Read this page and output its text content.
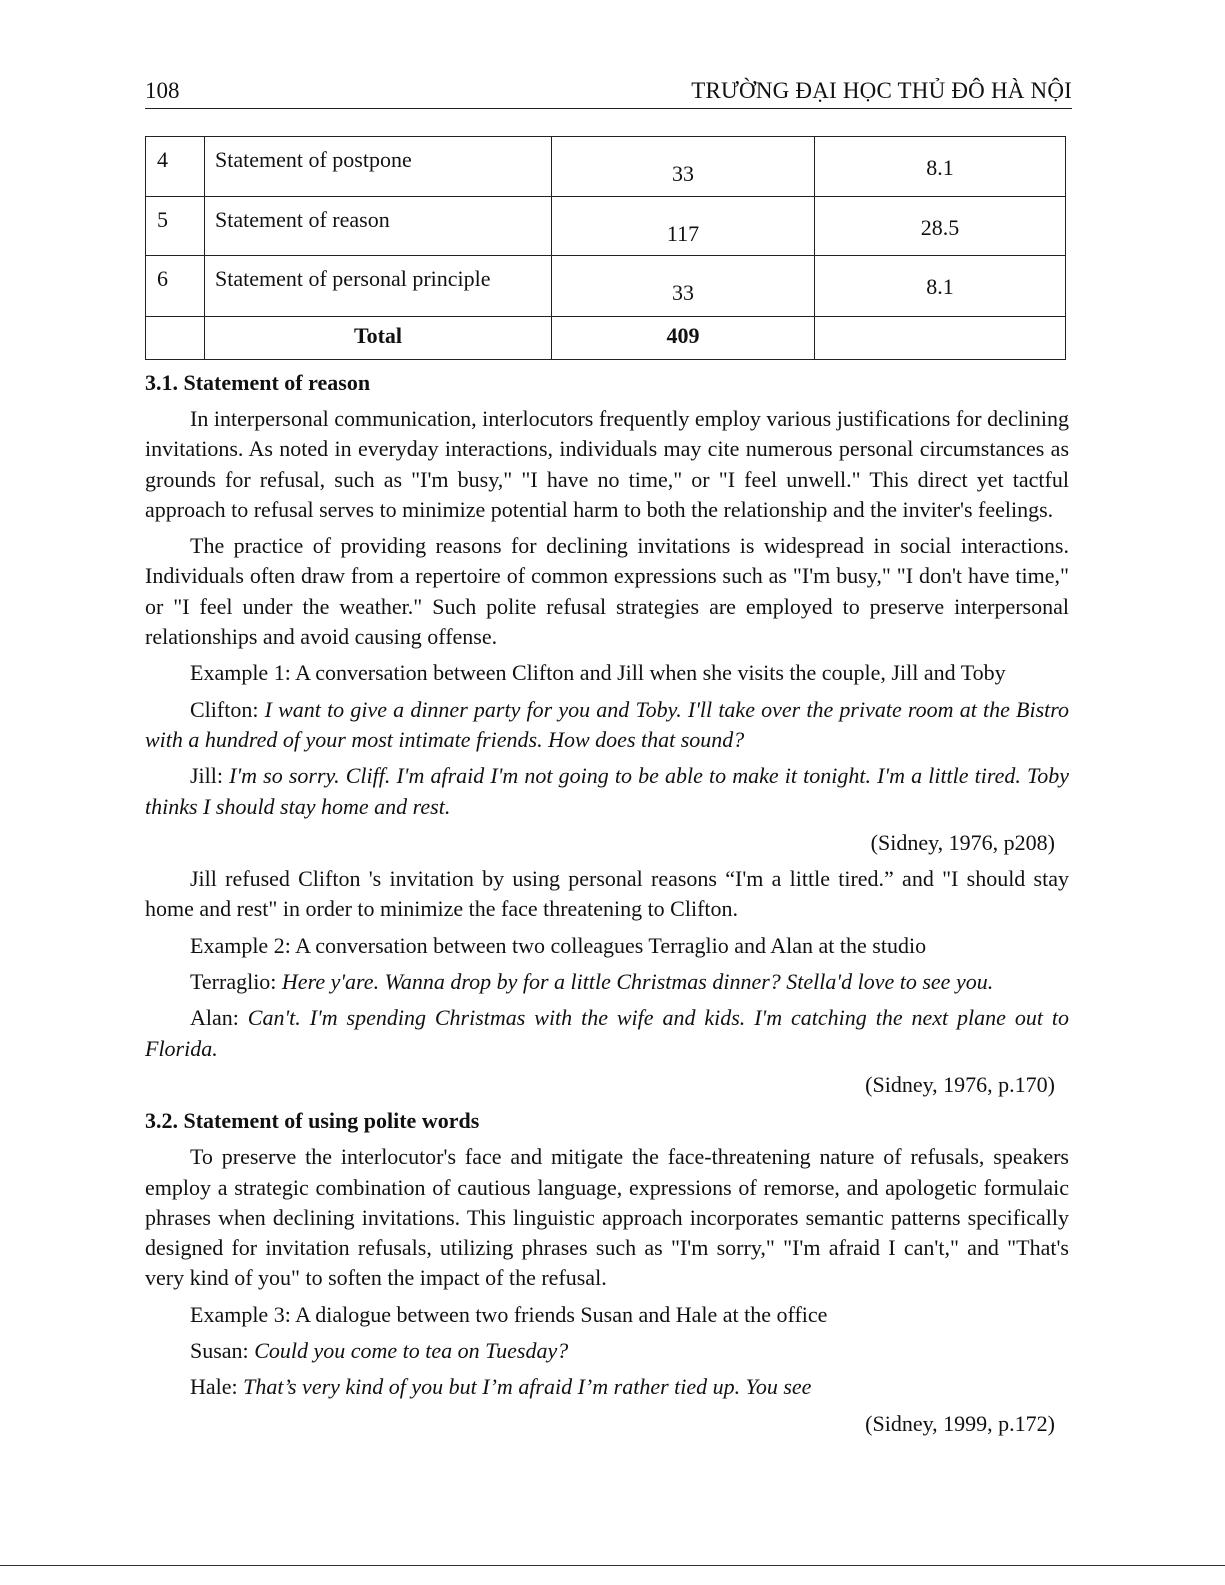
108	TRƯỜNG ĐẠI HỌC THỦ ĐÔ HÀ NỘI
4	Statement of postpone	33	8.1
5	Statement of reason	117	28.5
6	Statement of personal principle	33	8.1
	Total	409	
3.1. Statement of reason

In interpersonal communication, interlocutors frequently employ various justifications for declining invitations. As noted in everyday interactions, individuals may cite numerous personal circumstances as grounds for refusal, such as "I'm busy," "I have no time," or "I feel unwell." This direct yet tactful approach to refusal serves to minimize potential harm to both the relationship and the inviter's feelings.

The practice of providing reasons for declining invitations is widespread in social interactions. Individuals often draw from a repertoire of common expressions such as "I'm busy," "I don't have time," or "I feel under the weather." Such polite refusal strategies are employed to preserve interpersonal relationships and avoid causing offense.

Example 1: A conversation between Clifton and Jill when she visits the couple, Jill and Toby

Clifton: I want to give a dinner party for you and Toby. I'll take over the private room at the Bistro with a hundred of your most intimate friends. How does that sound?

Jill: I'm so sorry. Cliff. I'm afraid I'm not going to be able to make it tonight. I'm a little tired. Toby thinks I should stay home and rest.

(Sidney, 1976, p208)

Jill refused Clifton 's invitation by using personal reasons “I'm a little tired.” and "I should stay home and rest" in order to minimize the face threatening to Clifton.

Example 2: A conversation between two colleagues Terraglio and Alan at the studio

Terraglio: Here y'are. Wanna drop by for a little Christmas dinner? Stella'd love to see you.

Alan: Can't. I'm spending Christmas with the wife and kids. I'm catching the next plane out to Florida.

(Sidney, 1976, p.170)

3.2. Statement of using polite words

To preserve the interlocutor's face and mitigate the face-threatening nature of refusals, speakers employ a strategic combination of cautious language, expressions of remorse, and apologetic formulaic phrases when declining invitations. This linguistic approach incorporates semantic patterns specifically designed for invitation refusals, utilizing phrases such as "I'm sorry," "I'm afraid I can't," and "That's very kind of you" to soften the impact of the refusal.

Example 3: A dialogue between two friends Susan and Hale at the office

Susan: Could you come to tea on Tuesday?

Hale: That’s very kind of you but I’m afraid I’m rather tied up. You see

(Sidney, 1999, p.172)
